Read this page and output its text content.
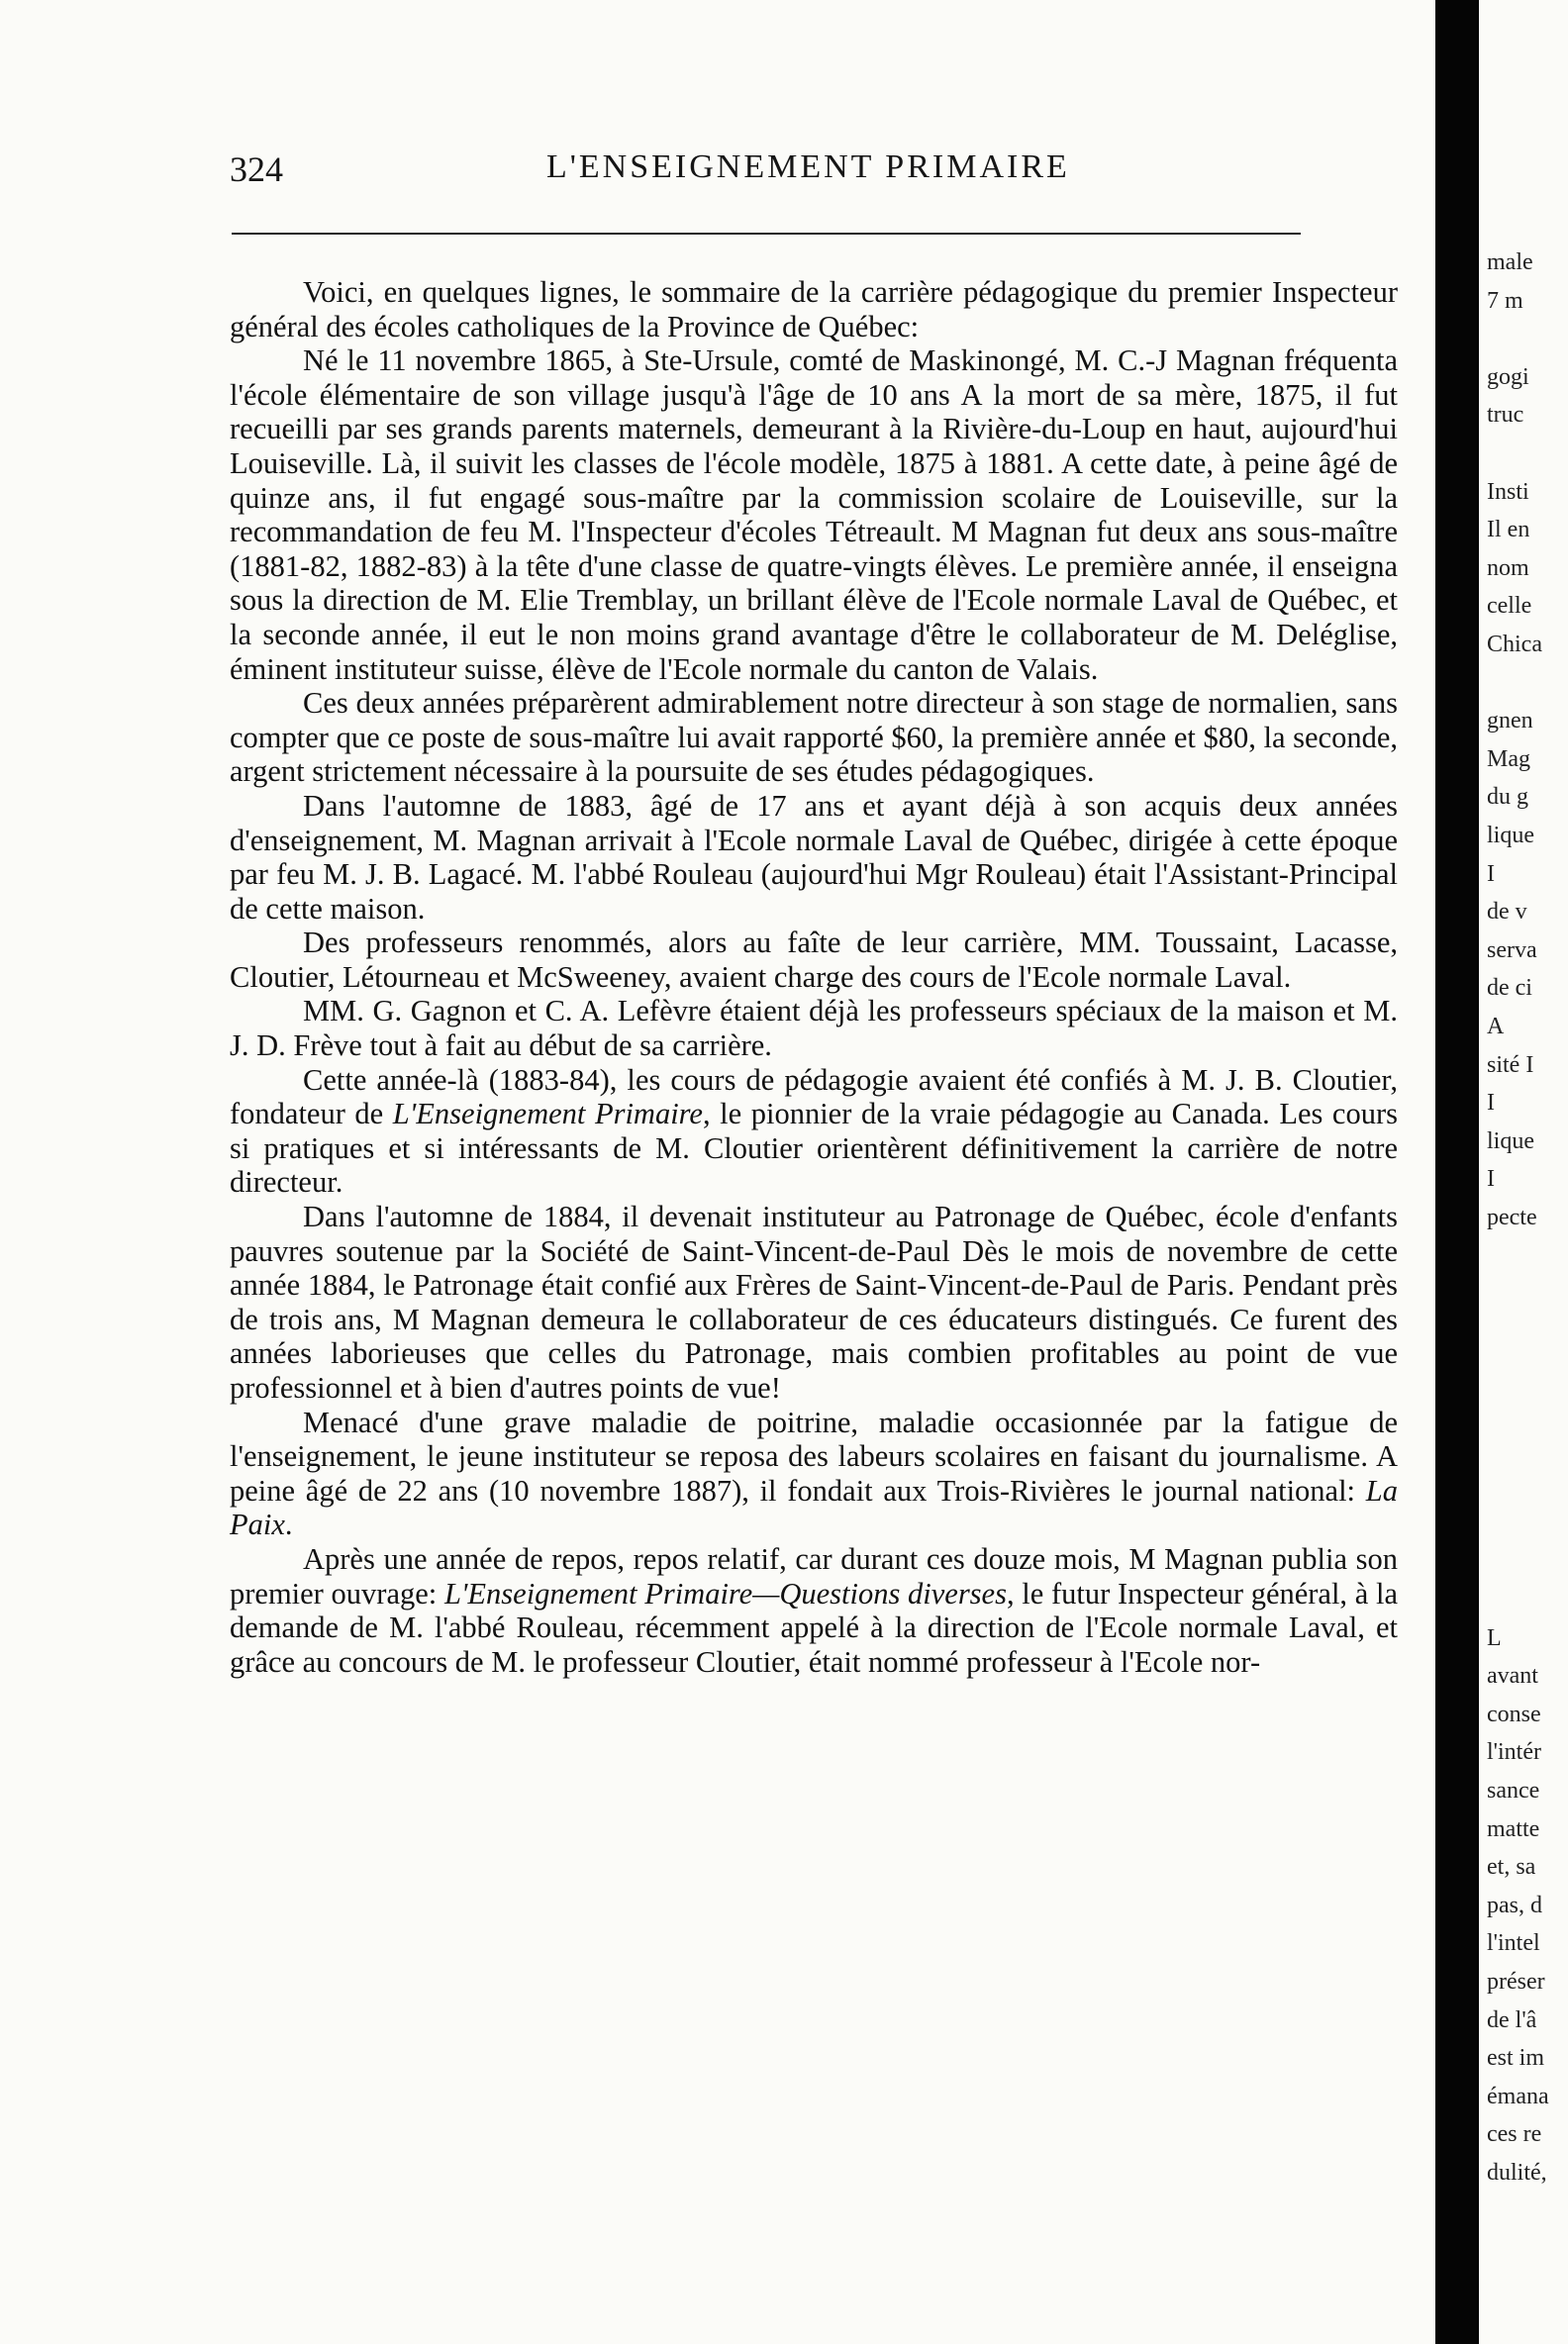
324	L'ENSEIGNEMENT PRIMAIRE

Voici, en quelques lignes, le sommaire de la carrière pédagogique du premier Inspecteur général des écoles catholiques de la Province de Québec:

Né le 11 novembre 1865, à Ste-Ursule, comté de Maskinongé, M. C.-J Magnan fréquenta l'école élémentaire de son village jusqu'à l'âge de 10 ans A la mort de sa mère, 1875, il fut recueilli par ses grands parents maternels, demeurant à la Rivière-du-Loup en haut, aujourd'hui Louiseville. Là, il suivit les classes de l'école modèle, 1875 à 1881. A cette date, à peine âgé de quinze ans, il fut engagé sous-maître par la commission scolaire de Louiseville, sur la recommandation de feu M. l'Inspecteur d'écoles Tétreault. M Magnan fut deux ans sous-maître (1881-82, 1882-83) à la tête d'une classe de quatre-vingts élèves. Le première année, il enseigna sous la direction de M. Elie Tremblay, un brillant élève de l'Ecole normale Laval de Québec, et la seconde année, il eut le non moins grand avantage d'être le collaborateur de M. Deléglise, éminent instituteur suisse, élève de l'Ecole normale du canton de Valais.

Ces deux années préparèrent admirablement notre directeur à son stage de normalien, sans compter que ce poste de sous-maître lui avait rapporté $60, la première année et $80, la seconde, argent strictement nécessaire à la poursuite de ses études pédagogiques.

Dans l'automne de 1883, âgé de 17 ans et ayant déjà à son acquis deux années d'enseignement, M. Magnan arrivait à l'Ecole normale Laval de Québec, dirigée à cette époque par feu M. J. B. Lagacé. M. l'abbé Rouleau (aujourd'hui Mgr Rouleau) était l'Assistant-Principal de cette maison.

Des professeurs renommés, alors au faîte de leur carrière, MM. Toussaint, Lacasse, Cloutier, Létourneau et McSweeney, avaient charge des cours de l'Ecole normale Laval.

MM. G. Gagnon et C. A. Lefèvre étaient déjà les professeurs spéciaux de la maison et M. J. D. Frève tout à fait au début de sa carrière.

Cette année-là (1883-84), les cours de pédagogie avaient été confiés à M. J. B. Cloutier, fondateur de L'Enseignement Primaire, le pionnier de la vraie pédagogie au Canada. Les cours si pratiques et si intéressants de M. Cloutier orientèrent définitivement la carrière de notre directeur.

Dans l'automne de 1884, il devenait instituteur au Patronage de Québec, école d'enfants pauvres soutenue par la Société de Saint-Vincent-de-Paul Dès le mois de novembre de cette année 1884, le Patronage était confié aux Frères de Saint-Vincent-de-Paul de Paris. Pendant près de trois ans, M Magnan demeura le collaborateur de ces éducateurs distingués. Ce furent des années laborieuses que celles du Patronage, mais combien profitables au point de vue professionnel et à bien d'autres points de vue!

Menacé d'une grave maladie de poitrine, maladie occasionnée par la fatigue de l'enseignement, le jeune instituteur se reposa des labeurs scolaires en faisant du journalisme. A peine âgé de 22 ans (10 novembre 1887), il fondait aux Trois-Rivières le journal national: La Paix.

Après une année de repos, repos relatif, car durant ces douze mois, M Magnan publia son premier ouvrage: L'Enseignement Primaire—Questions diverses, le futur Inspecteur général, à la demande de M. l'abbé Rouleau, récemment appelé à la direction de l'Ecole normale Laval, et grâce au concours de M. le professeur Cloutier, était nommé professeur à l'Ecole nor-

male
7 m
gogi
truc
Insti
Il en
nom
celle
Chica
gnen
Mag
du g
lique
I
de v
serva
de ci
A
sité I
I
lique
I
pecte
L
avant
conse
l'intér
sance
matte
et, sa
pas, d
l'intel
préser
de l'â
est im
émana
ces re
dulité,
